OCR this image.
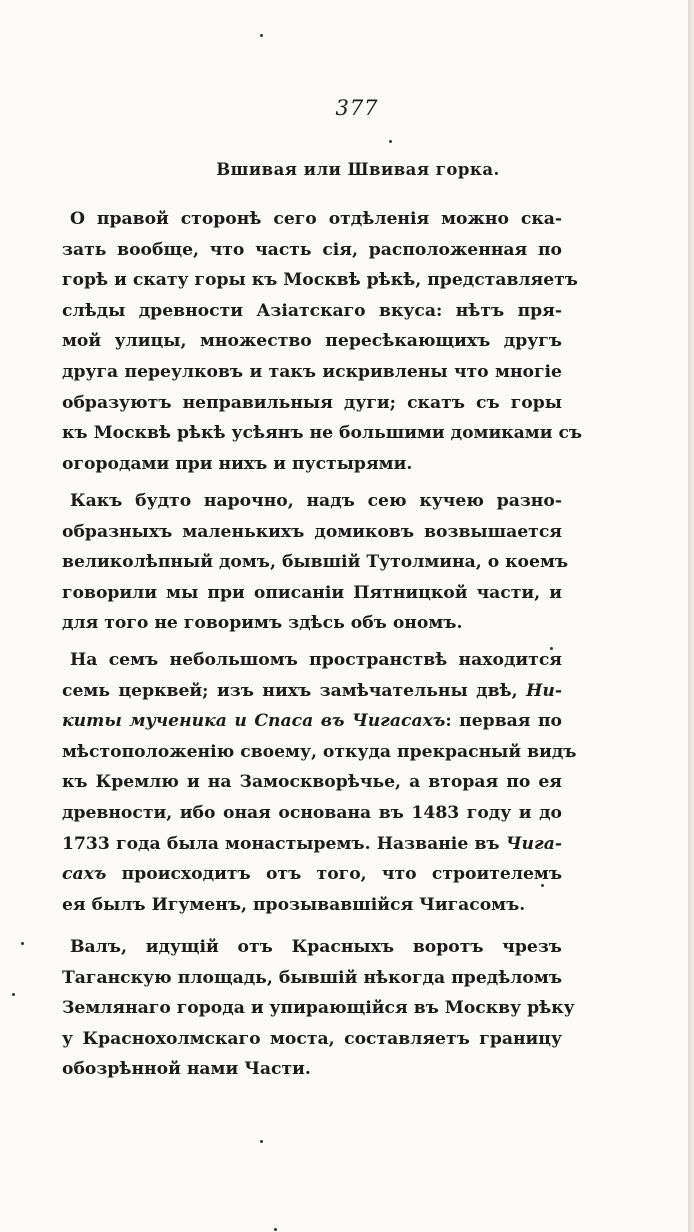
377
Вшивая или Швивая горка.
О правой сторонѣ сего отдѣленія можно ска-
зать вообще, что часть сія, расположенная по
горѣ и скату горы къ Москвѣ рѣкѣ, представляетъ
слѣды древности Азіатскаго вкуса: нѣтъ пря-
мой улицы, множество пересѣкающихъ другъ
друга переулковъ и такъ искривлены что многіе
образуютъ неправильныя дуги; скатъ съ горы
къ Москвѣ рѣкѣ усѣянъ не большими домиками съ
огородами при нихъ и пустырями.
Какъ будто нарочно, надъ сею кучею разно-
образныхъ маленькихъ домиковъ возвышается
великолѣпный домъ, бывшій Тутолмина, о коемъ
говорили мы при описаніи Пятницкой части, и
для того не говоримъ здѣсь объ ономъ.
На семъ небольшомъ пространствѣ находится
семь церквей; изъ нихъ замѣчательны двѣ, Ни-
киты мученика и Спаса въ Чигасахъ: первая по
мѣстоположенію своему, откуда прекрасный видъ
къ Кремлю и на Замоскворѣчье, а вторая по ея
древности, ибо оная основана въ 1483 году и до
1733 года была монастыремъ. Названіе въ Чига-
сахъ происходитъ отъ того, что строителемъ
ея былъ Игуменъ, прозывавшійся Чигасомъ.
Валъ, идущій отъ Красныхъ воротъ чрезъ
Таганскую площадь, бывшій нѣкогда предѣломъ
Землянаго города и упирающійся въ Москву рѣку
у Краснохолмскаго моста, составляетъ границу
обозрѣнной нами Части.
